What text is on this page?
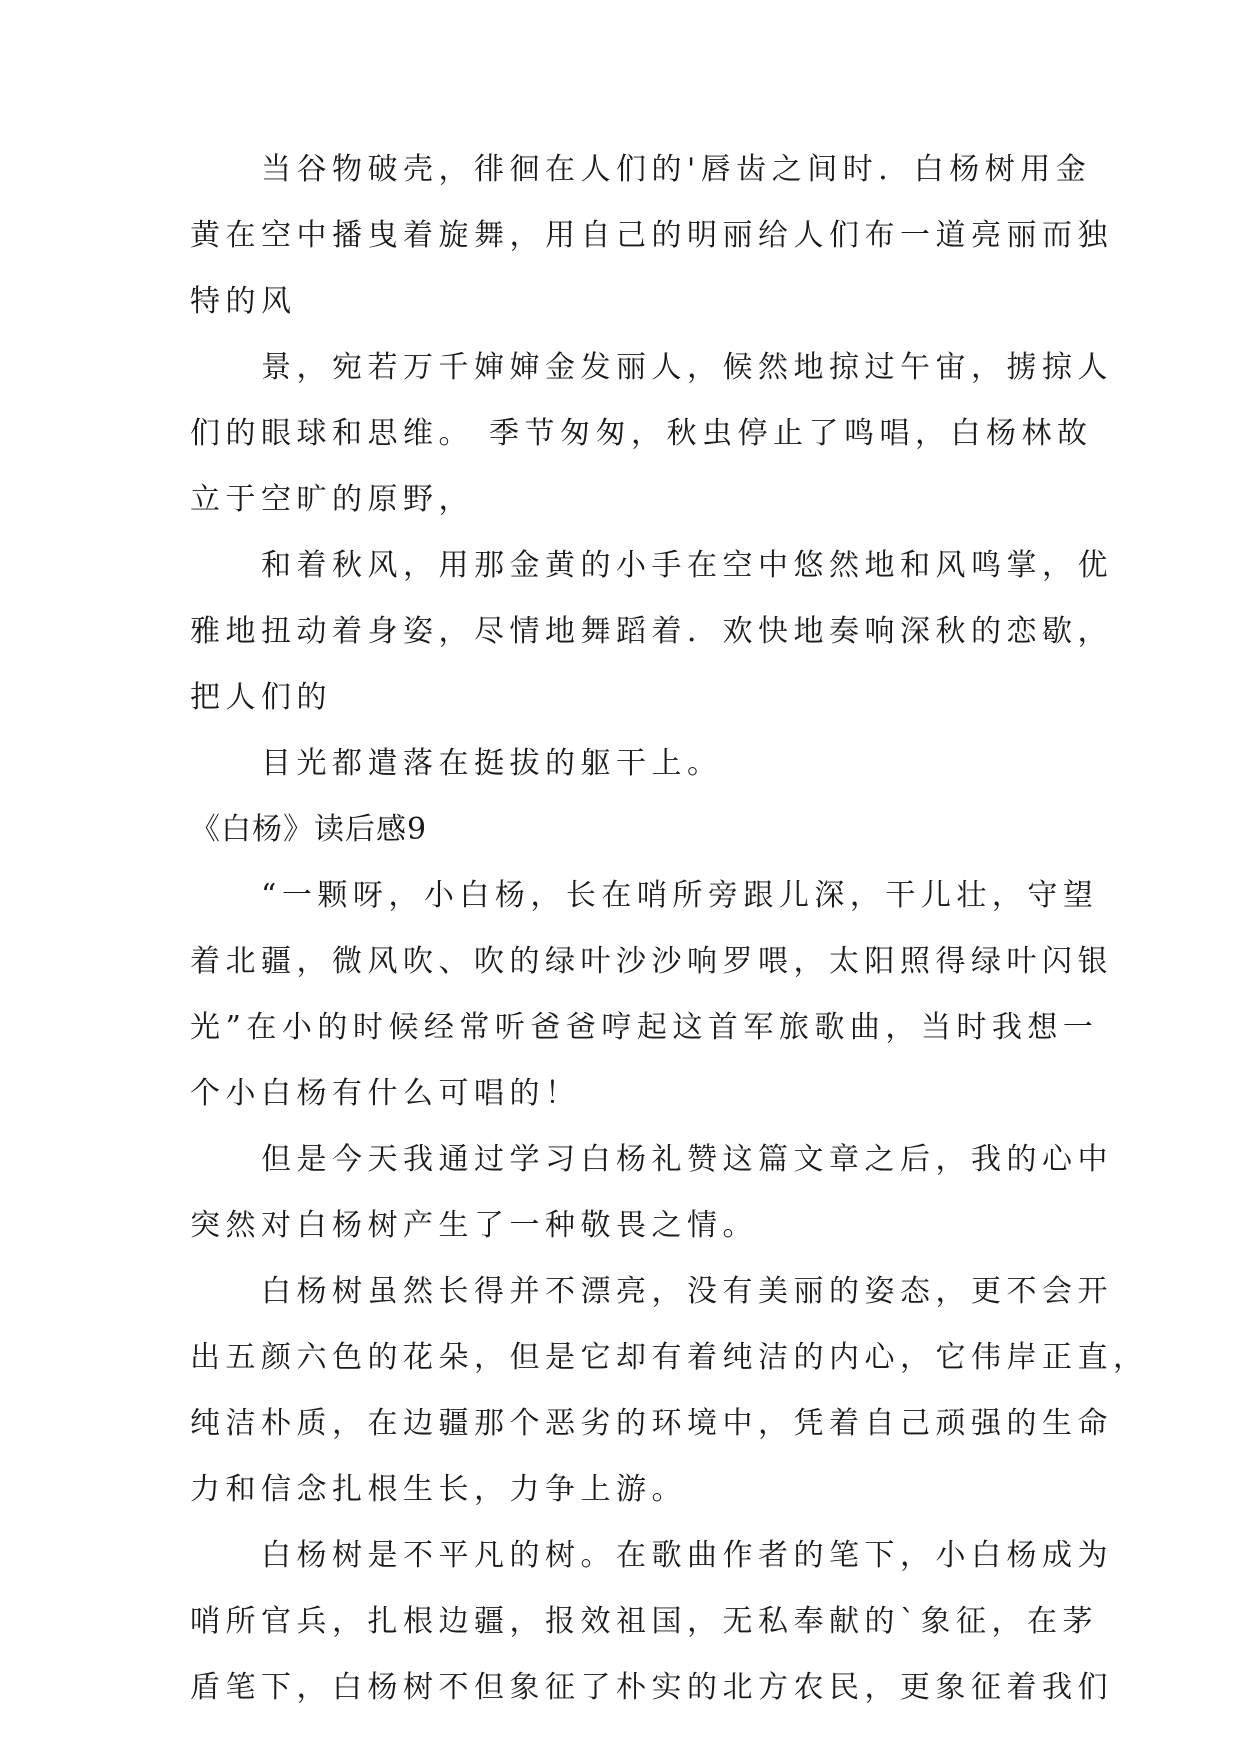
　　当谷物破壳，徘徊在人们的'唇齿之间时．白杨树用金
黄在空中播曳着旋舞，用自己的明丽给人们布一道亮丽而独
特的风
　　景，宛若万千婶婶金发丽人，候然地掠过午宙，掳掠人
们的眼球和思维。 季节匆匆，秋虫停止了鸣唱，白杨林故
立于空旷的原野，
　　和着秋风，用那金黄的小手在空中悠然地和风鸣掌，优
雅地扭动着身姿，尽情地舞蹈着．欢快地奏响深秋的恋歇，
把人们的
　　目光都遣落在挺拔的躯干上。
《白杨》读后感9
　　“一颗呀，小白杨，长在哨所旁跟儿深，干儿壮，守望
着北疆，微风吹、吹的绿叶沙沙响罗喂，太阳照得绿叶闪银
光”在小的时候经常听爸爸哼起这首军旅歌曲，当时我想一
个小白杨有什么可唱的！
　　但是今天我通过学习白杨礼赞这篇文章之后，我的心中
突然对白杨树产生了一种敬畏之情。
　　白杨树虽然长得并不漂亮，没有美丽的姿态，更不会开
出五颜六色的花朵，但是它却有着纯洁的内心，它伟岸正直，
纯洁朴质，在边疆那个恶劣的环境中，凭着自己顽强的生命
力和信念扎根生长，力争上游。
　　白杨树是不平凡的树。在歌曲作者的笔下，小白杨成为
哨所官兵，扎根边疆，报效祖国，无私奉献的`象征，在茅
盾笔下，白杨树不但象征了朴实的北方农民，更象征着我们
